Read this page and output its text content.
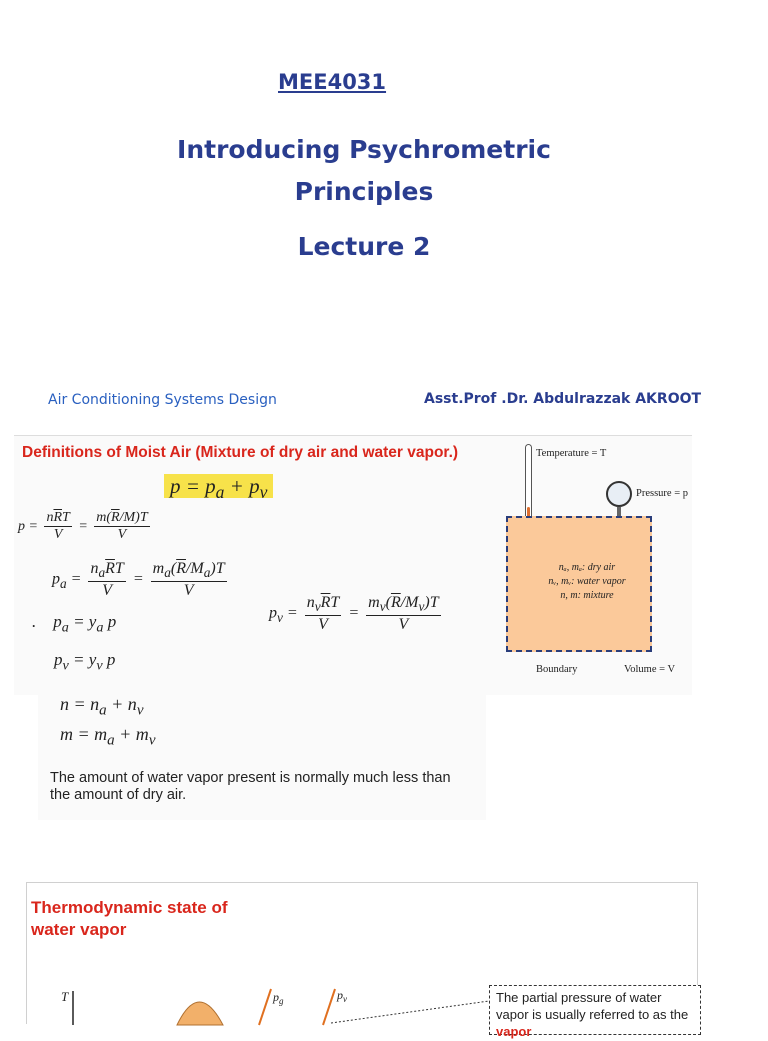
MEE4031
Introducing Psychrometric
Principles
Lecture 2
Air Conditioning Systems Design	Asst.Prof .Dr. Abdulrazzak AKROOT
Definitions of Moist Air (Mixture of dry air and water vapor.)
$p = p_a + p_v$
$p = \frac{n\overline{R}T}{V} = \frac{m(\overline{R}/M)T}{V}$
$p_a = \frac{n_a\overline{R}T}{V} = \frac{m_a(\overline{R}/M_a)T}{V}$
$p_v = \frac{n_v\overline{R}T}{V} = \frac{m_v(\overline{R}/M_v)T}{V}$
.    $p_a = y_a$ p
$p_v = y_v$ p
Temperature = T
Pressure = p
nₐ, mₐ: dry air
nᵥ, mᵥ: water vapor
n, m: mixture
Boundary	Volume = V
$n = n_a + n_v$
$m = m_a + m_v$
The amount of water vapor present is normally much less than the amount of dry air.
Thermodynamic state of water vapor
T	$p_g$	$p_v$	The partial pressure of water vapor is usually referred to as the vapor
